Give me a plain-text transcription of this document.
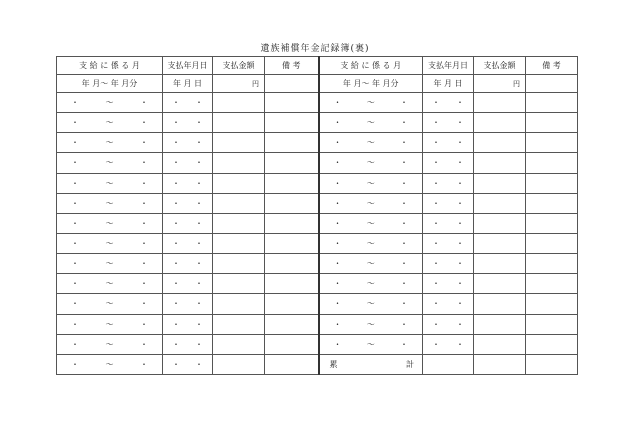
遺族補償年金記録簿(裏)
支 給 に 係 る 月	支払年月日	支払金額	備 考	支 給 に 係 る 月	支払年月日	支払金額	備 考
年 月～ 年 月分	年 月 日	円		年 月～ 年 月分	年 月 日	円	

・ ～ ・	・ ・			・ ～ ・	・ ・		

・ ～ ・	・ ・			・ ～ ・	・ ・		

・ ～ ・	・ ・			・ ～ ・	・ ・		

・ ～ ・	・ ・			・ ～ ・	・ ・		

・ ～ ・	・ ・			・ ～ ・	・ ・		

・ ～ ・	・ ・			・ ～ ・	・ ・		

・ ～ ・	・ ・			・ ～ ・	・ ・		

・ ～ ・	・ ・			・ ～ ・	・ ・		

・ ～ ・	・ ・			・ ～ ・	・ ・		

・ ～ ・	・ ・			・ ～ ・	・ ・		

・ ～ ・	・ ・			・ ～ ・	・ ・		

・ ～ ・	・ ・			・ ～ ・	・ ・		

・ ～ ・	・ ・			・ ～ ・	・ ・		

・ ～ ・	・ ・			累 計			
